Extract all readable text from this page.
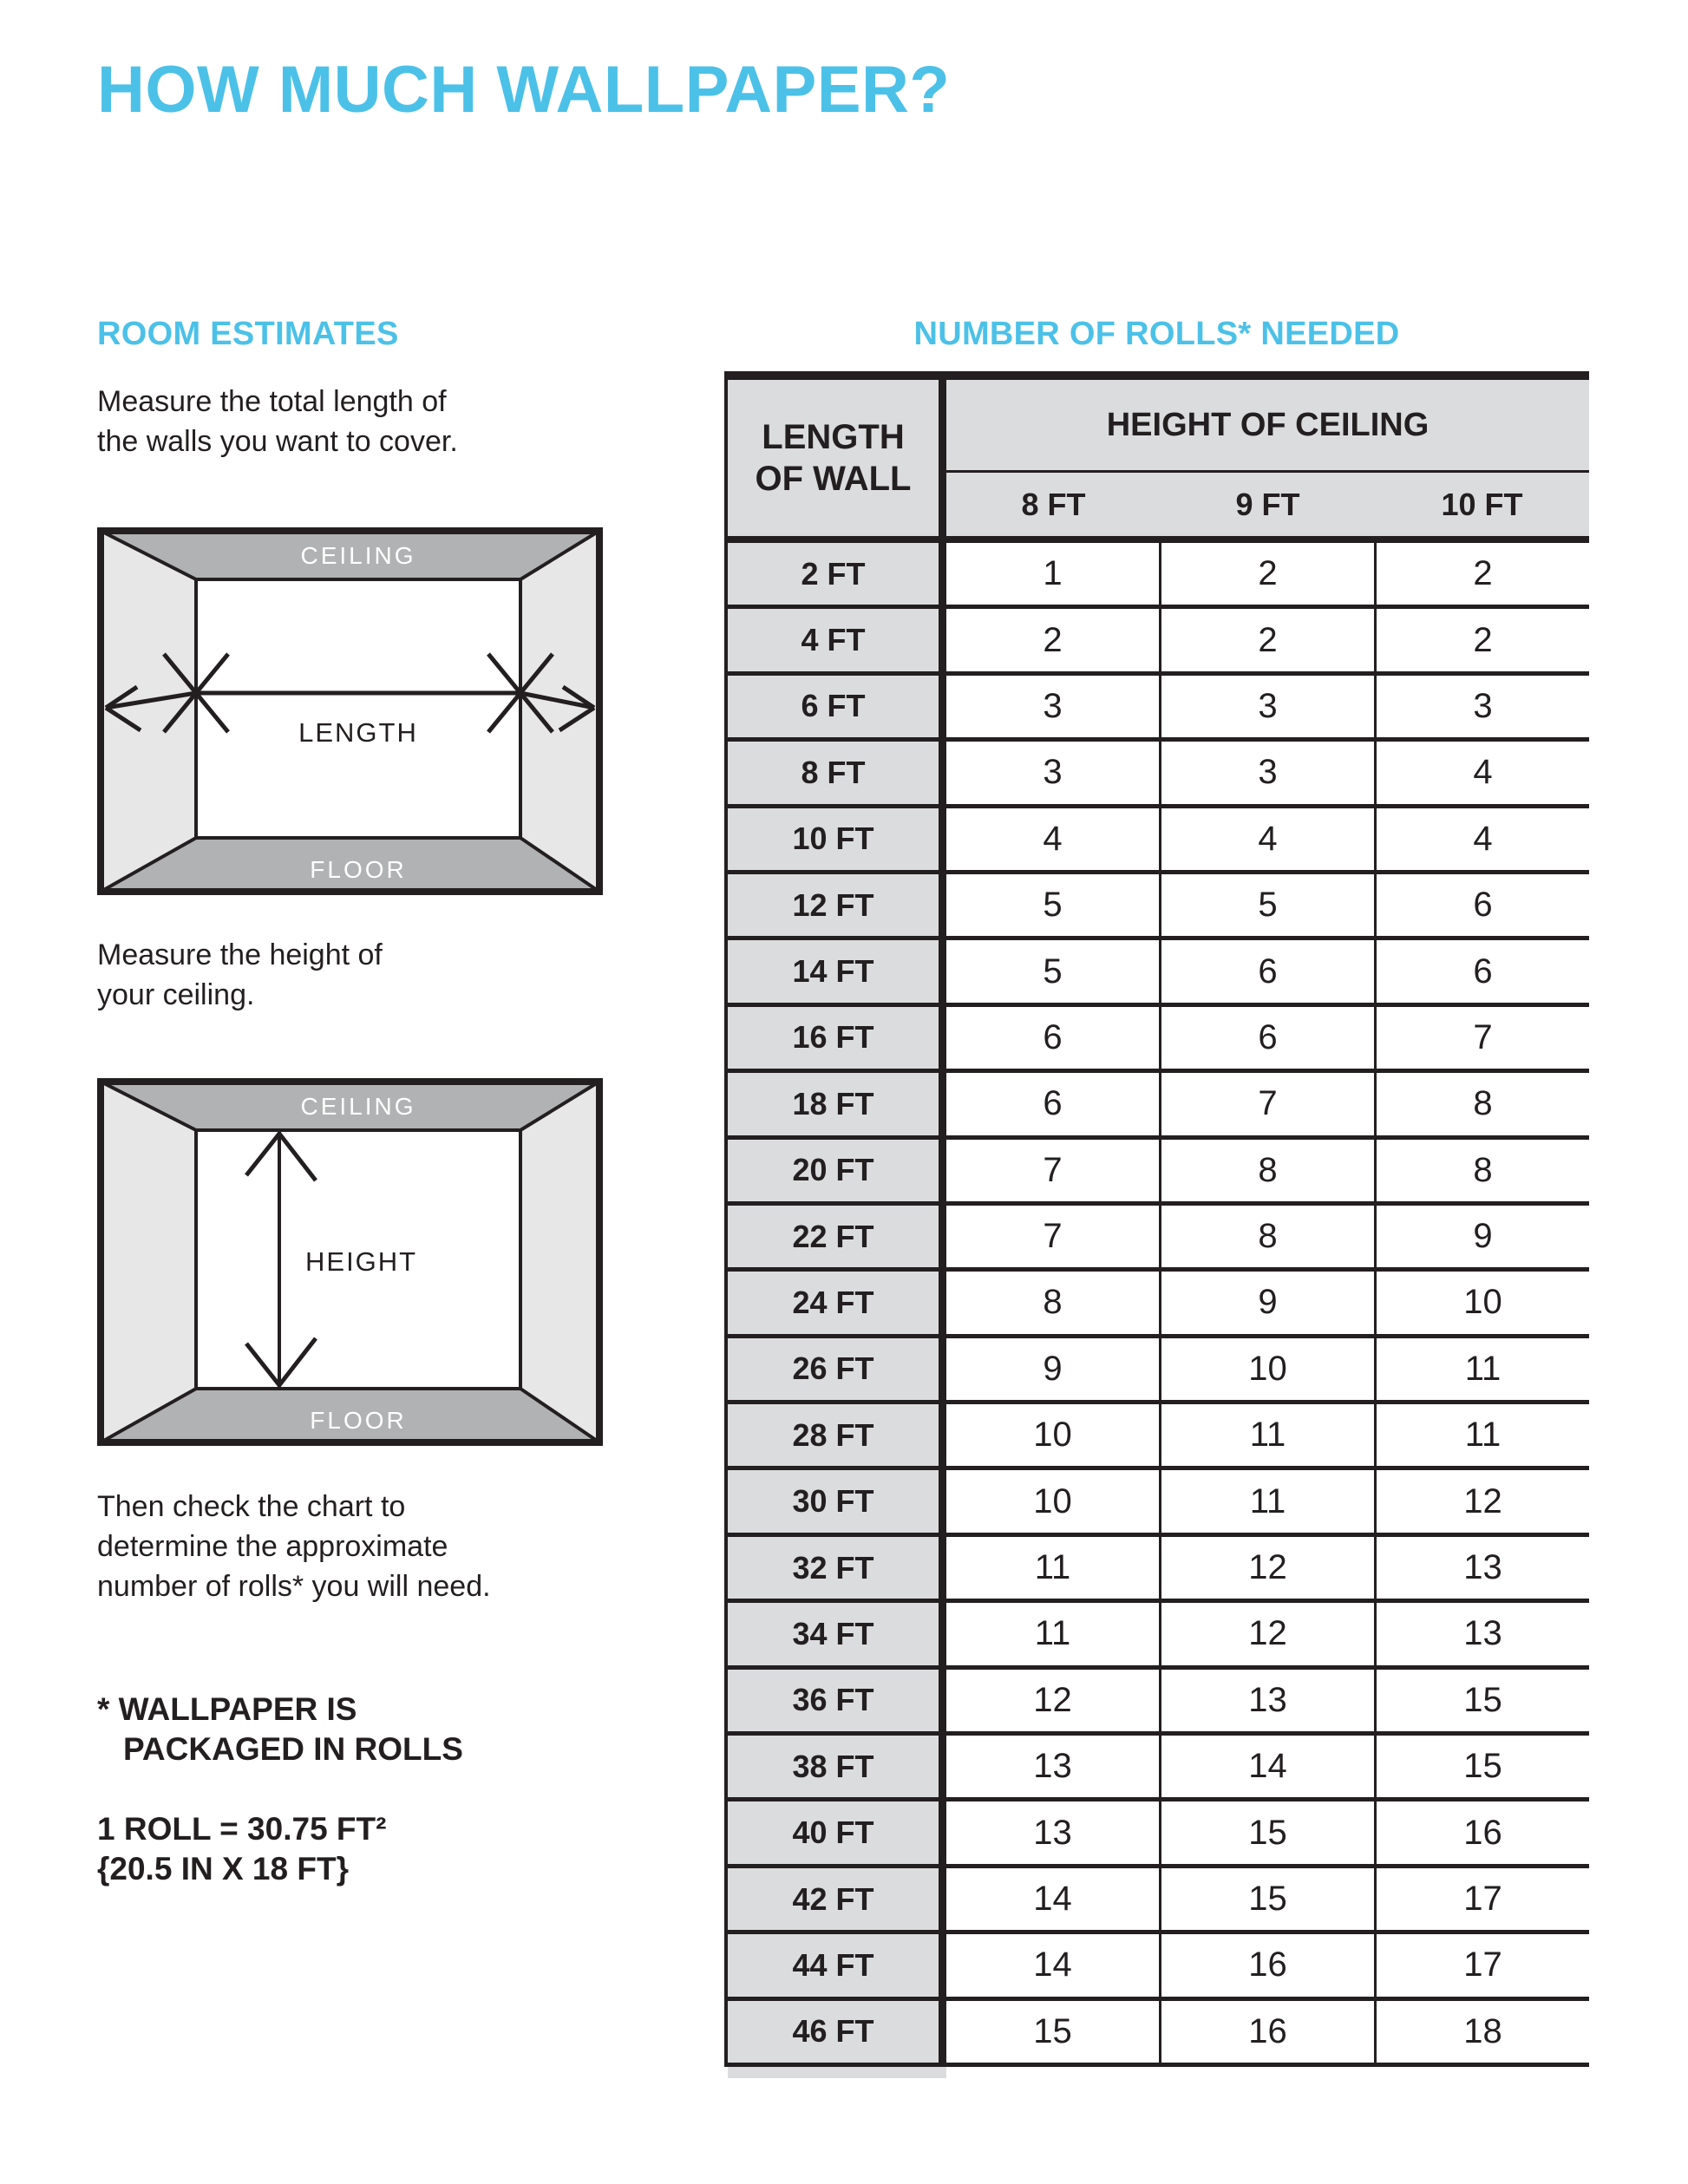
HOW MUCH WALLPAPER?
ROOM ESTIMATES	NUMBER OF ROLLS* NEEDED

Measure the total length of
the walls you want to cover.

CEILING
FLOOR
LENGTH

Measure the height of
your ceiling.

CEILING
FLOOR
HEIGHT

Then check the chart to
determine the approximate
number of rolls* you will need.

* WALLPAPER IS
PACKAGED IN ROLLS

1 ROLL = 30.75 FT²
{20.5 IN X 18 FT}

LENGTH
OF WALL
HEIGHT OF CEILING
8 FT	9 FT	10 FT
2 FT	1	2	2
4 FT	2	2	2
6 FT	3	3	3
8 FT	3	3	4
10 FT	4	4	4
12 FT	5	5	6
14 FT	5	6	6
16 FT	6	6	7
18 FT	6	7	8
20 FT	7	8	8
22 FT	7	8	9
24 FT	8	9	10
26 FT	9	10	11
28 FT	10	11	11
30 FT	10	11	12
32 FT	11	12	13
34 FT	11	12	13
36 FT	12	13	15
38 FT	13	14	15
40 FT	13	15	16
42 FT	14	15	17
44 FT	14	16	17
46 FT	15	16	18
